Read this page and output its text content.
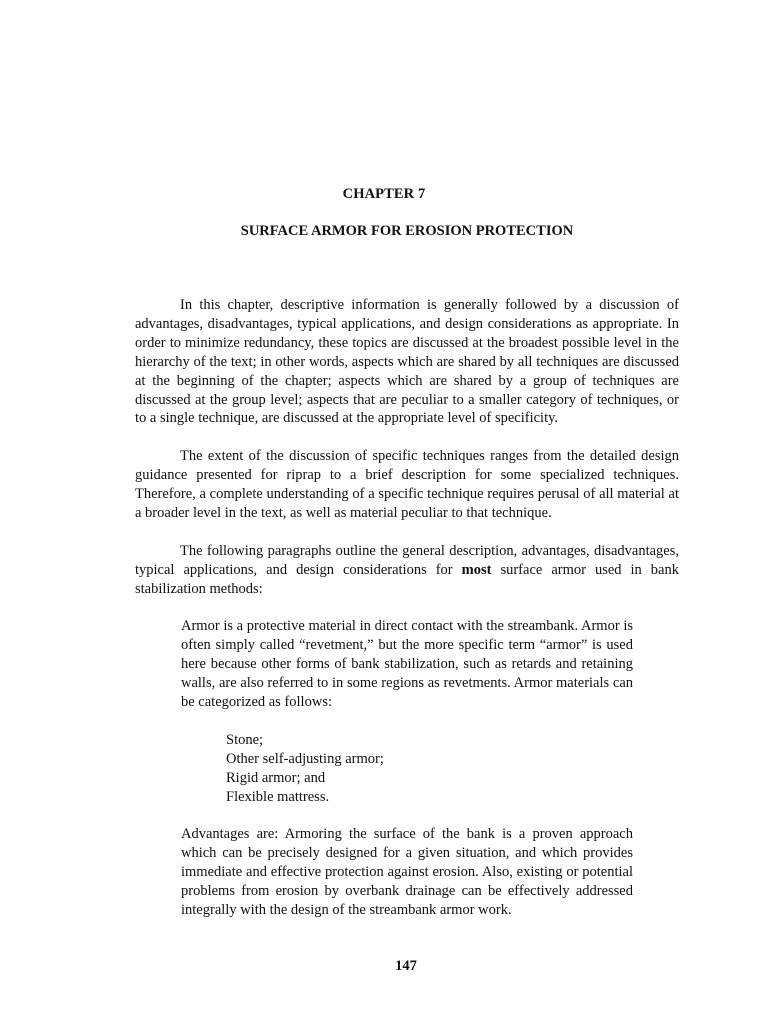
CHAPTER 7
SURFACE ARMOR FOR EROSION PROTECTION

In this chapter, descriptive information is generally followed by a discussion of advantages, disadvantages, typical applications, and design considerations as appropriate. In order to minimize redundancy, these topics are discussed at the broadest possible level in the hierarchy of the text; in other words, aspects which are shared by all techniques are discussed at the beginning of the chapter; aspects which are shared by a group of techniques are discussed at the group level; aspects that are peculiar to a smaller category of techniques, or to a single technique, are discussed at the appropriate level of specificity.

The extent of the discussion of specific techniques ranges from the detailed design guidance presented for riprap to a brief description for some specialized techniques. Therefore, a complete understanding of a specific technique requires perusal of all material at a broader level in the text, as well as material peculiar to that technique.

The following paragraphs outline the general description, advantages, disadvantages, typical applications, and design considerations for most surface armor used in bank stabilization methods:

Armor is a protective material in direct contact with the streambank. Armor is often simply called “revetment,” but the more specific term “armor” is used here because other forms of bank stabilization, such as retards and retaining walls, are also referred to in some regions as revetments. Armor materials can be categorized as follows:

Stone;
Other self-adjusting armor;
Rigid armor; and
Flexible mattress.

Advantages are: Armoring the surface of the bank is a proven approach which can be precisely designed for a given situation, and which provides immediate and effective protection against erosion. Also, existing or potential problems from erosion by overbank drainage can be effectively addressed integrally with the design of the streambank armor work.

147
